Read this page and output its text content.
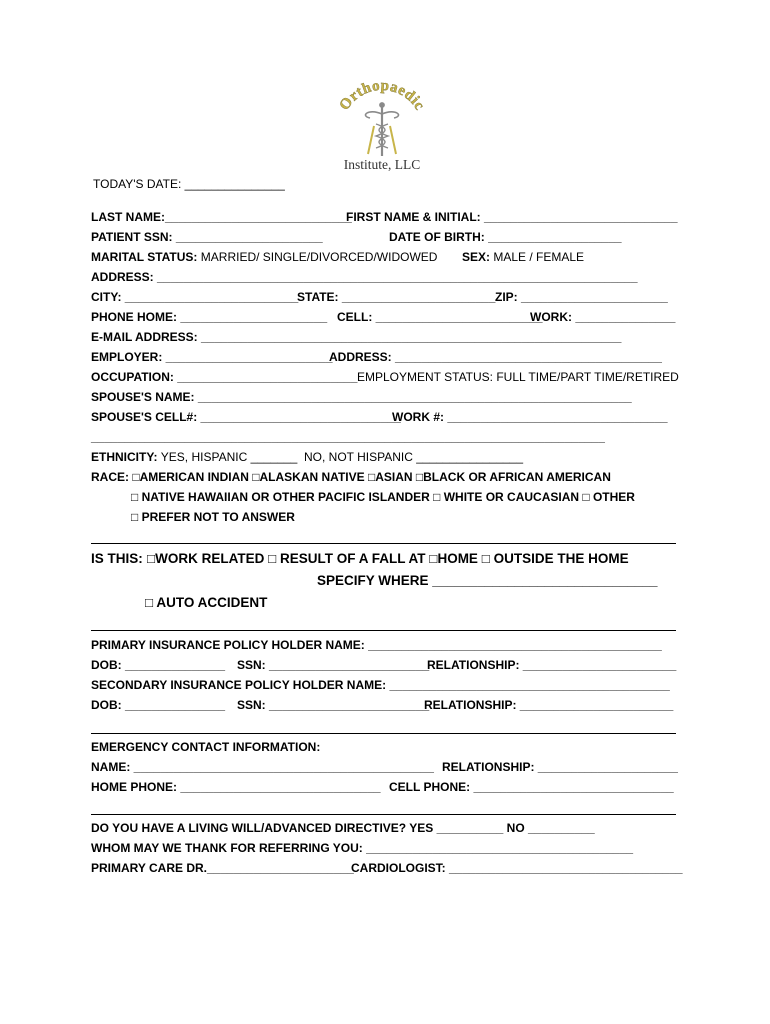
Orthopaedic
Institute, LLC
TODAY'S DATE: _______________
LAST NAME:____________________________
FIRST NAME & INITIAL: _____________________________
PATIENT SSN: ______________________	DATE OF BIRTH: ____________________
MARITAL STATUS: MARRIED/ SINGLE/DIVORCED/WIDOWED SEX: MALE / FEMALE
ADDRESS: ________________________________________________________________________
CITY: __________________________
STATE: _______________________ ZIP: ______________________
PHONE HOME: ______________________ CELL: _________________________
WORK: _______________
E-MAIL ADDRESS: _______________________________________________________________
EMPLOYER: _________________________
ADDRESS: ________________________________________
OCCUPATION: ___________________________ EMPLOYMENT STATUS: FULL TIME/PART TIME/RETIRED
SPOUSE'S NAME: _________________________________________________________________
SPOUSE'S CELL#: ______________________________
WORK #: _________________________________
_____________________________________________________________________________
ETHNICITY: YES, HISPANIC _______ NO, NOT HISPANIC ________________
RACE: □AMERICAN INDIAN □ALASKAN NATIVE □ASIAN □BLACK OR AFRICAN AMERICAN
□ NATIVE HAWAIIAN OR OTHER PACIFIC ISLANDER □ WHITE OR CAUCASIAN □ OTHER
□ PREFER NOT TO ANSWER
IS THIS: □WORK RELATED □ RESULT OF A FALL AT □HOME □ OUTSIDE THE HOME
SPECIFY WHERE ______________________________
□ AUTO ACCIDENT
PRIMARY INSURANCE POLICY HOLDER NAME: ____________________________________________
DOB: _______________ SSN: ________________________
RELATIONSHIP: _______________________
SECONDARY INSURANCE POLICY HOLDER NAME: __________________________________________
DOB: _______________ SSN: ________________________
RELATIONSHIP: _______________________
EMERGENCY CONTACT INFORMATION:
NAME: _____________________________________________ RELATIONSHIP: _____________________
HOME PHONE: ______________________________ CELL PHONE: ______________________________
DO YOU HAVE A LIVING WILL/ADVANCED DIRECTIVE? YES __________ NO __________
WHOM MAY WE THANK FOR REFERRING YOU: ________________________________________
PRIMARY CARE DR.______________________
CARDIOLOGIST: ___________________________________
